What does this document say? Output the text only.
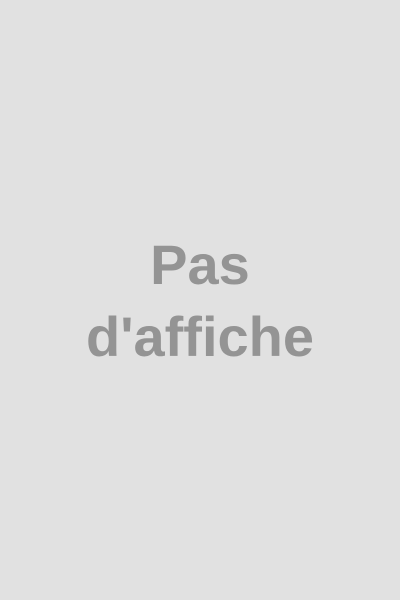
Pas
d'affiche
